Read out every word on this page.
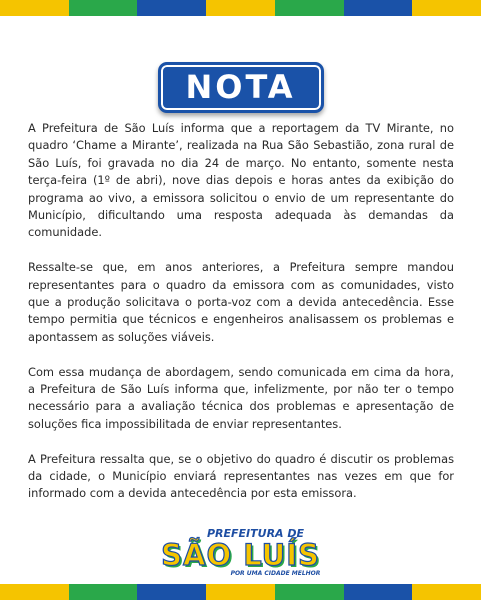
NOTA

A Prefeitura de São Luís informa que a reportagem da TV Mirante, no quadro ‘Chame a Mirante’, realizada na Rua São Sebastião, zona rural de São Luís, foi gravada no dia 24 de março. No entanto, somente nesta terça-feira (1º de abri), nove dias depois e horas antes da exibição do programa ao vivo, a emissora solicitou o envio de um representante do Município, dificultando uma resposta adequada às demandas da comunidade.

Ressalte-se que, em anos anteriores, a Prefeitura sempre mandou representantes para o quadro da emissora com as comunidades, visto que a produção solicitava o porta-voz com a devida antecedência. Esse tempo permitia que técnicos e engenheiros analisassem os problemas e apontassem as soluções viáveis.

Com essa mudança de abordagem, sendo comunicada em cima da hora, a Prefeitura de São Luís informa que, infelizmente, por não ter o tempo necessário para a avaliação técnica dos problemas e apresentação de soluções fica impossibilitada de enviar representantes.

A Prefeitura ressalta que, se o objetivo do quadro é discutir os problemas da cidade, o Município enviará representantes nas vezes em que for informado com a devida antecedência por esta emissora.

PREFEITURA DE
SÃO LUÍS
POR UMA CIDADE MELHOR
